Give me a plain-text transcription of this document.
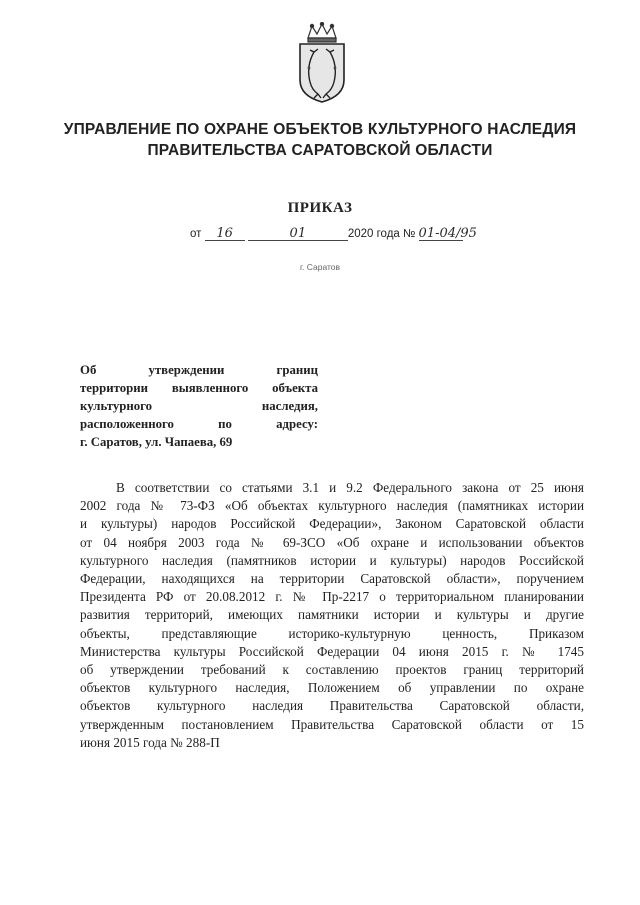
УПРАВЛЕНИЕ ПО ОХРАНЕ ОБЪЕКТОВ КУЛЬТУРНОГО НАСЛЕДИЯ
ПРАВИТЕЛЬСТВА САРАТОВСКОЙ ОБЛАСТИ
ПРИКАЗ
от 16	01	2020 года № 01-04/95
г. Саратов
Об утверждении границ
территории выявленного объекта
культурного наследия,
расположенного по адресу:
г. Саратов, ул. Чапаева, 69
В соответствии со статьями 3.1 и 9.2 Федерального закона от 25 июня
2002 года № 73-ФЗ «Об объектах культурного наследия (памятниках истории
и культуры) народов Российской Федерации», Законом Саратовской области
от 04 ноября 2003 года № 69-ЗСО «Об охране и использовании объектов
культурного наследия (памятников истории и культуры) народов Российской
Федерации, находящихся на территории Саратовской области», поручением
Президента РФ от 20.08.2012 г. № Пр-2217 о территориальном планировании
развития территорий, имеющих памятники истории и культуры и другие
объекты, представляющие историко-культурную ценность, Приказом
Министерства культуры Российской Федерации 04 июня 2015 г. № 1745
об утверждении требований к составлению проектов границ территорий
объектов культурного наследия, Положением об управлении по охране
объектов культурного наследия Правительства Саратовской области,
утвержденным постановлением Правительства Саратовской области от 15
июня 2015 года № 288-П
